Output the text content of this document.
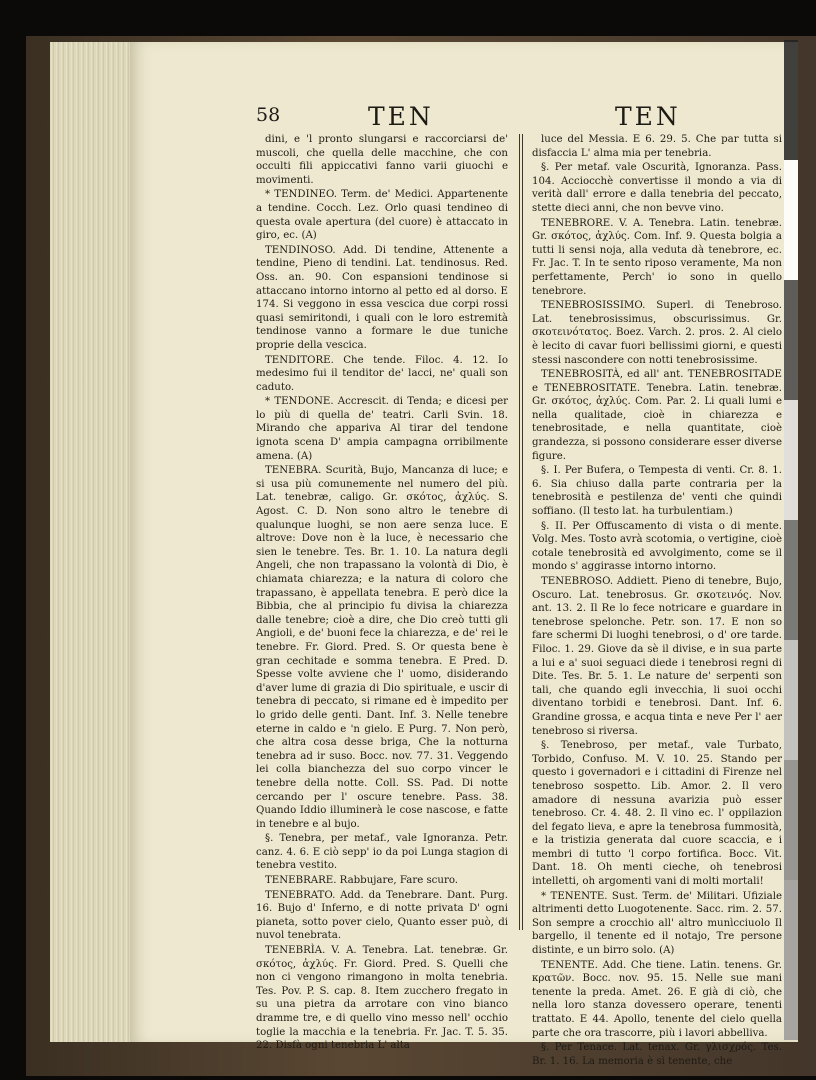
58	TEN	TEN

dini, e 'l pronto slungarsi e raccorciarsi de' muscoli, che quella delle macchine, che con occulti fili appiccativi fanno varii giuochi e movimenti.

* TENDINEO. Term. de' Medici. Appartenente a tendine. Cocch. Lez. Orlo quasi tendineo di questa ovale apertura (del cuore) è attaccato in giro, ec. (A)

TENDINOSO. Add. Di tendine, Attenente a tendine, Pieno di tendini. Lat. tendinosus. Red. Oss. an. 90. Con espansioni tendinose si attaccano intorno intorno al petto ed al dorso. E 174. Si veggono in essa vescica due corpi rossi quasi semiritondi, i quali con le loro estremità tendinose vanno a formare le due tuniche proprie della vescica.

TENDITORE. Che tende. Filoc. 4. 12. Io medesimo fui il tenditor de' lacci, ne' quali son caduto.

* TENDONE. Accrescit. di Tenda; e dicesi per lo più di quella de' teatri. Carli Svin. 18. Mirando che appariva Al tirar del tendone ignota scena D' ampia campagna orribilmente amena. (A)

TENEBRA. Scurità, Bujo, Mancanza di luce; e si usa più comunemente nel numero del più. Lat. tenebræ, caligo. Gr. σκότος, ἀχλύς. S. Agost. C. D. Non sono altro le tenebre di qualunque luoghi, se non aere senza luce. E altrove: Dove non è la luce, è necessario che sien le tenebre. Tes. Br. 1. 10. La natura degli Angeli, che non trapassano la volontà di Dio, è chiamata chiarezza; e la natura di coloro che trapassano, è appellata tenebra. E però dice la Bibbia, che al principio fu divisa la chiarezza dalle tenebre; cioè a dire, che Dio creò tutti gli Angioli, e de' buoni fece la chiarezza, e de' rei le tenebre. Fr. Giord. Pred. S. Or questa bene è gran cechitade e somma tenebra. E Pred. D. Spesse volte avviene che l' uomo, disiderando d'aver lume di grazia di Dio spirituale, e uscir di tenebra di peccato, si rimane ed è impedito per lo grido delle genti. Dant. Inf. 3. Nelle tenebre eterne in caldo e 'n gielo. E Purg. 7. Non però, che altra cosa desse briga, Che la notturna tenebra ad ir suso. Bocc. nov. 77. 31. Veggendo lei colla bianchezza del suo corpo vincer le tenebre della notte. Coll. SS. Pad. Di notte cercando per l' oscure tenebre. Pass. 38. Quando Iddio illuminerà le cose nascose, e fatte in tenebre e al bujo.

§. Tenebra, per metaf., vale Ignoranza. Petr. canz. 4. 6. E ciò sepp' io da poi Lunga stagion di tenebra vestito.

TENEBRARE. Rabbujare, Fare scuro.

TENEBRATO. Add. da Tenebrare. Dant. Purg. 16. Bujo d' Inferno, e di notte privata D' ogni pianeta, sotto pover cielo, Quanto esser può, di nuvol tenebrata.

TENEBRÌA. V. A. Tenebra. Lat. tenebræ. Gr. σκότος, ἀχλύς. Fr. Giord. Pred. S. Quelli che non ci vengono rimangono in molta tenebria. Tes. Pov. P. S. cap. 8. Item zucchero fregato in su una pietra da arrotare con vino bianco dramme tre, e di quello vino messo nell' occhio toglie la macchia e la tenebria. Fr. Jac. T. 5. 35. 22. Disfà ogni tenebria L' alta

luce del Messia. E 6. 29. 5. Che par tutta si disfaccia L' alma mia per tenebria.

§. Per metaf. vale Oscurità, Ignoranza. Pass. 104. Acciocchè convertisse il mondo a via di verità dall' errore e dalla tenebria del peccato, stette dieci anni, che non bevve vino.

TENEBRORE. V. A. Tenebra. Latin. tenebræ. Gr. σκότος, ἀχλύς. Com. Inf. 9. Questa bolgia a tutti li sensi noja, alla veduta dà tenebrore, ec. Fr. Jac. T. In te sento riposo veramente, Ma non perfettamente, Perch' io sono in quello tenebrore.

TENEBROSISSIMO. Superl. di Tenebroso. Lat. tenebrosissimus, obscurissimus. Gr. σκοτεινότατος. Boez. Varch. 2. pros. 2. Al cielo è lecito di cavar fuori bellissimi giorni, e questi stessi nascondere con notti tenebrosissime.

TENEBROSITÀ, ed all' ant. TENEBROSITADE e TENEBROSITATE. Tenebra. Latin. tenebræ. Gr. σκότος, ἀχλύς. Com. Par. 2. Li quali lumi e nella qualitade, cioè in chiarezza e tenebrositade, e nella quantitate, cioè grandezza, si possono considerare esser diverse figure.

§. I. Per Bufera, o Tempesta di venti. Cr. 8. 1. 6. Sia chiuso dalla parte contraria per la tenebrosità e pestilenza de' venti che quindi soffiano. (Il testo lat. ha turbulentiam.)

§. II. Per Offuscamento di vista o di mente. Volg. Mes. Tosto avrà scotomia, o vertigine, cioè cotale tenebrosità ed avvolgimento, come se il mondo s' aggirasse intorno intorno.

TENEBROSO. Addiett. Pieno di tenebre, Bujo, Oscuro. Lat. tenebrosus. Gr. σκοτεινός. Nov. ant. 13. 2. Il Re lo fece notricare e guardare in tenebrose spelonche. Petr. son. 17. E non so fare schermi Di luoghi tenebrosi, o d' ore tarde. Filoc. 1. 29. Giove da sè il divise, e in sua parte a lui e a' suoi seguaci diede i tenebrosi regni di Dite. Tes. Br. 5. 1. Le nature de' serpenti son tali, che quando egli invecchia, li suoi occhi diventano torbidi e tenebrosi. Dant. Inf. 6. Grandine grossa, e acqua tinta e neve Per l' aer tenebroso si riversa.

§. Tenebroso, per metaf., vale Turbato, Torbido, Confuso. M. V. 10. 25. Stando per questo i governadori e i cittadini di Firenze nel tenebroso sospetto. Lib. Amor. 2. Il vero amadore di nessuna avarizia può esser tenebroso. Cr. 4. 48. 2. Il vino ec. l' oppilazion del fegato lieva, e apre la tenebrosa fummosità, e la tristizia generata dal cuore scaccia, e i membri di tutto 'l corpo fortifica. Bocc. Vit. Dant. 18. Oh menti cieche, oh tenebrosi intelletti, oh argomenti vani di molti mortali!

* TENENTE. Sust. Term. de' Militari. Ufiziale altrimenti detto Luogotenente. Sacc. rim. 2. 57. Son sempre a crocchio all' altro munìcciuolo Il bargello, il tenente ed il notajo, Tre persone distinte, e un birro solo. (A)

TENENTE. Add. Che tiene. Latin. tenens. Gr. κρατῶν. Bocc. nov. 95. 15. Nelle sue mani tenente la preda. Amet. 26. E già di ciò, che nella loro stanza dovessero operare, tenenti trattato. E 44. Apollo, tenente del cielo quella parte che ora trascorre, più i lavori abbelliva.

§. Per Tenace. Lat. tenax. Gr. γλισχρός. Tes. Br. 1. 16. La memoria è sì tenente, che
